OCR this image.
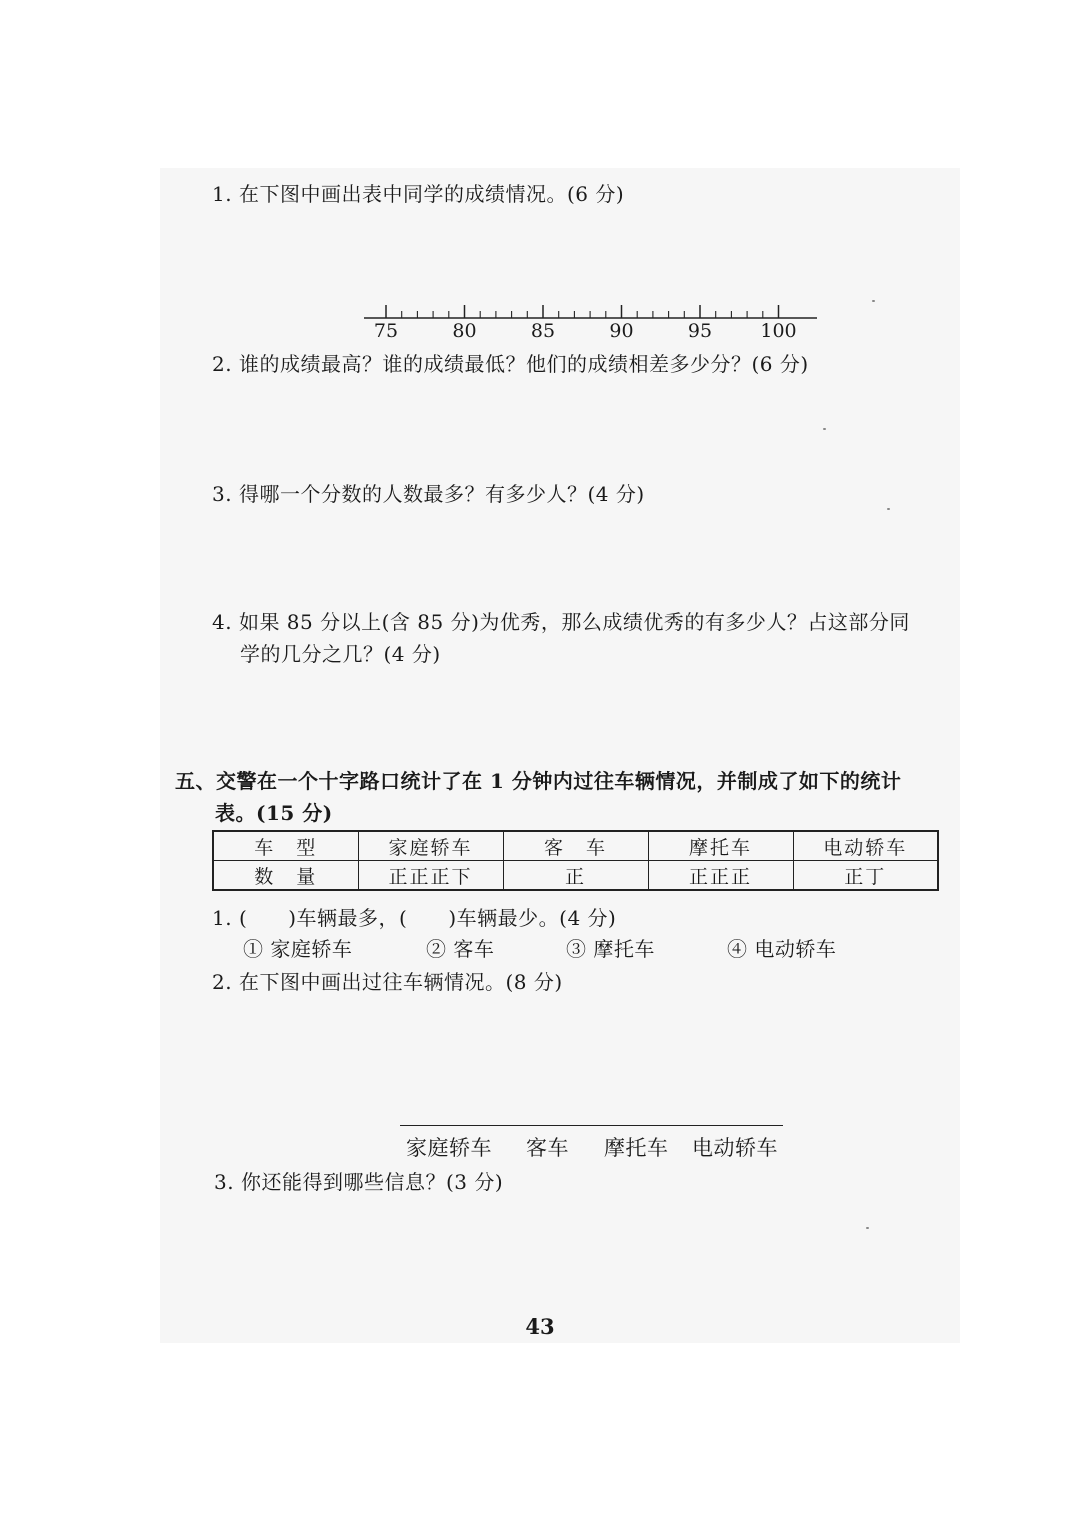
1. 在下图中画出表中同学的成绩情况。(6 分)
75	80	85	90	95	100
2. 谁的成绩最高？谁的成绩最低？他们的成绩相差多少分？(6 分)
3. 得哪一个分数的人数最多？有多少人？(4 分)
4. 如果 85 分以上(含 85 分)为优秀，那么成绩优秀的有多少人？占这部分同
学的几分之几？(4 分)
五、交警在一个十字路口统计了在 1 分钟内过往车辆情况，并制成了如下的统计
表。(15 分)
车　型	家庭轿车	客　车	摩托车	电动轿车
数　量	正正正下	正	正正正	正丁
1. (　　)车辆最多，(　　)车辆最少。(4 分)
① 家庭轿车	② 客车	③ 摩托车	④ 电动轿车
2. 在下图中画出过往车辆情况。(8 分)
家庭轿车 客车 摩托车 电动轿车
3. 你还能得到哪些信息？(3 分)
43
